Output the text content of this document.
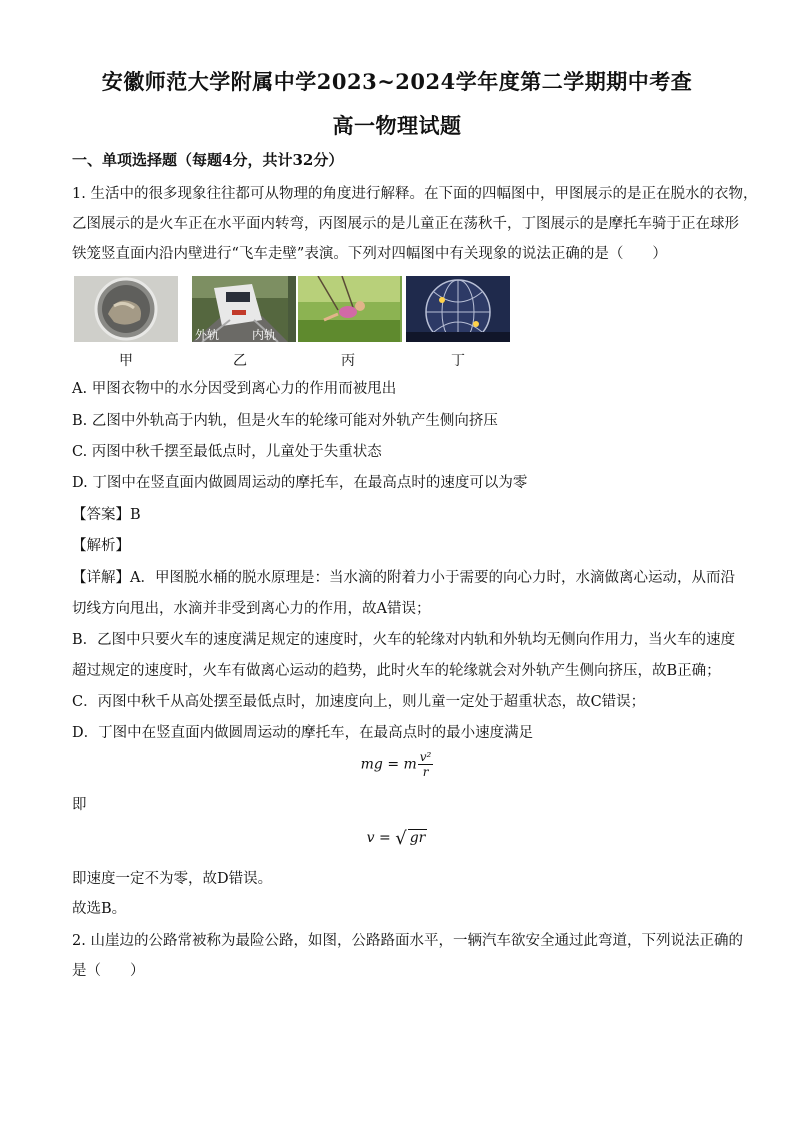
安徽师范大学附属中学2023~2024学年度第二学期期中考查
高一物理试题
一、单项选择题（每题4分，共计32分）
1. 生活中的很多现象往往都可从物理的角度进行解释。在下面的四幅图中，甲图展示的是正在脱水的衣物，
乙图展示的是火车正在水平面内转弯，丙图展示的是儿童正在荡秋千，丁图展示的是摩托车骑于正在球形
铁笼竖直面内沿内壁进行“飞车走壁”表演。下列对四幅图中有关现象的说法正确的是（　　）
外轨	内轨
甲	乙	丙	丁
A. 甲图衣物中的水分因受到离心力的作用而被甩出
B. 乙图中外轨高于内轨，但是火车的轮缘可能对外轨产生侧向挤压
C. 丙图中秋千摆至最低点时，儿童处于失重状态
D. 丁图中在竖直面内做圆周运动的摩托车，在最高点时的速度可以为零
【答案】B
【解析】
【详解】A．甲图脱水桶的脱水原理是：当水滴的附着力小于需要的向心力时，水滴做离心运动，从而沿
切线方向甩出，水滴并非受到离心力的作用，故A错误；
B．乙图中只要火车的速度满足规定的速度时，火车的轮缘对内轨和外轨均无侧向作用力，当火车的速度
超过规定的速度时，火车有做离心运动的趋势，此时火车的轮缘就会对外轨产生侧向挤压，故B正确；
C．丙图中秋千从高处摆至最低点时，加速度向上，则儿童一定处于超重状态，故C错误；
D．丁图中在竖直面内做圆周运动的摩托车，在最高点时的最小速度满足
mg = m $\frac{\text{v²}}{r}$
即
v = √ gr
即速度一定不为零，故D错误。
故选B。
2. 山崖边的公路常被称为最险公路，如图，公路路面水平，一辆汽车欲安全通过此弯道，下列说法正确的
是（　　）
